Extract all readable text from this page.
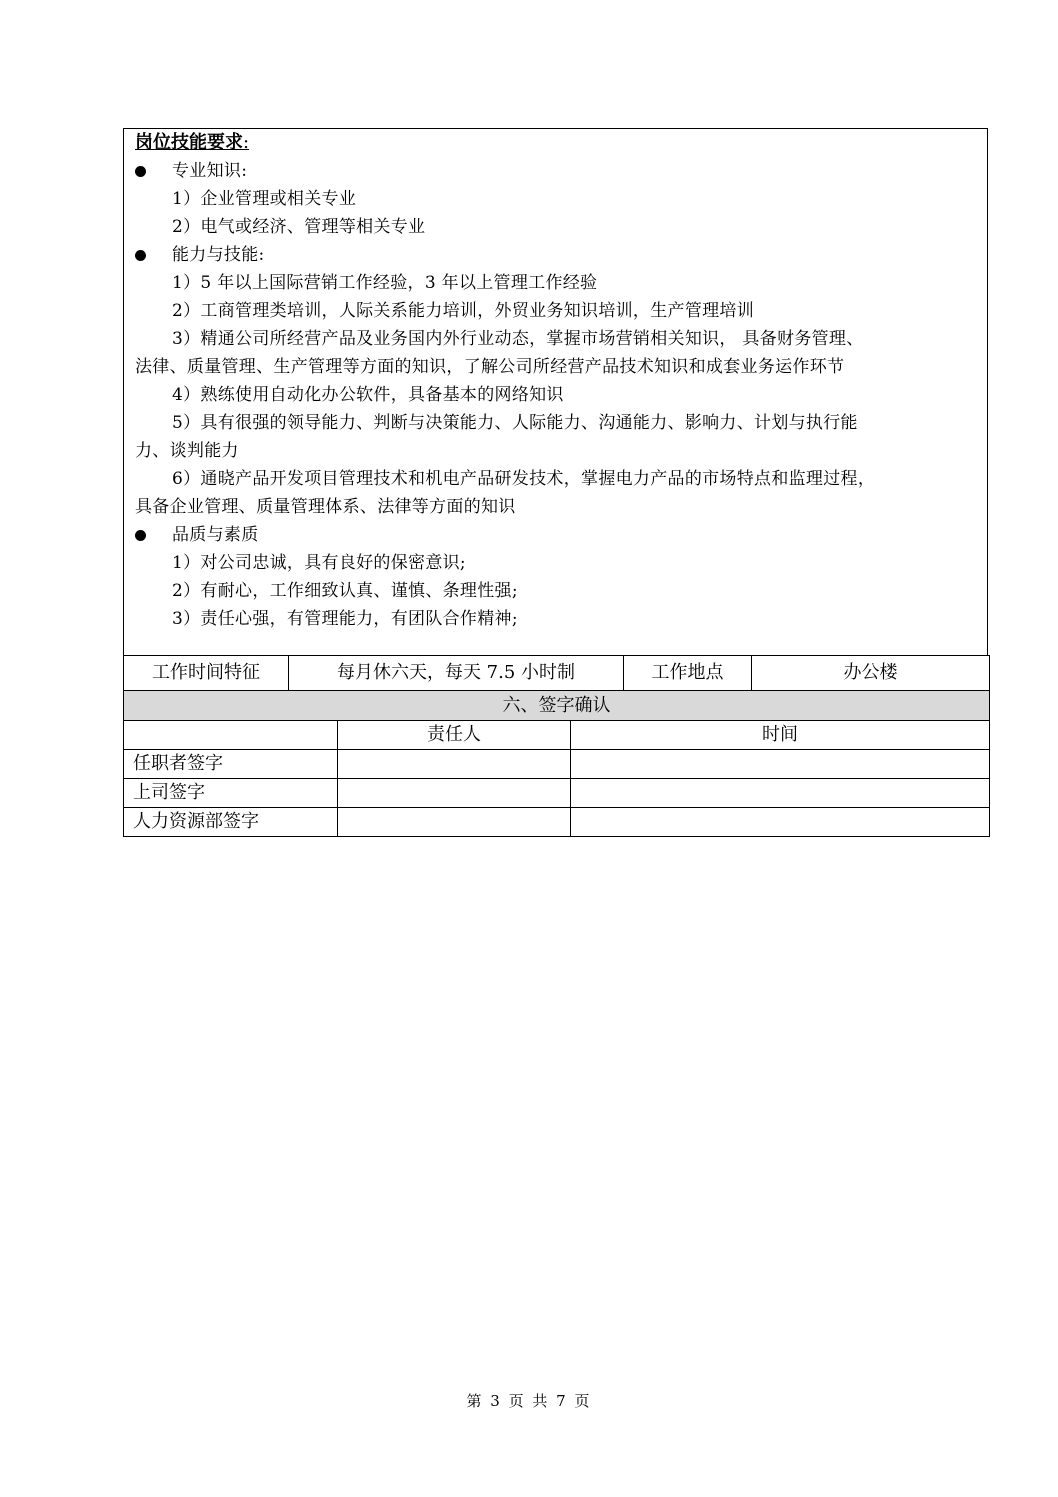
岗位技能要求:
专业知识:
1）企业管理或相关专业
2）电气或经济、管理等相关专业
能力与技能:
1）5 年以上国际营销工作经验，3 年以上管理工作经验
2）工商管理类培训，人际关系能力培训，外贸业务知识培训，生产管理培训
3）精通公司所经营产品及业务国内外行业动态，掌握市场营销相关知识， 具备财务管理、
法律、质量管理、生产管理等方面的知识，了解公司所经营产品技术知识和成套业务运作环节
4）熟练使用自动化办公软件，具备基本的网络知识
5）具有很强的领导能力、判断与决策能力、人际能力、沟通能力、影响力、计划与执行能
力、谈判能力
6）通晓产品开发项目管理技术和机电产品研发技术，掌握电力产品的市场特点和监理过程，
具备企业管理、质量管理体系、法律等方面的知识
品质与素质
1）对公司忠诚，具有良好的保密意识;
2）有耐心，工作细致认真、谨慎、条理性强;
3）责任心强，有管理能力，有团队合作精神;
工作时间特征	每月休六天，每天 7.5 小时制	工作地点	办公楼
六、签字确认		
	责任人	时间
任职者签字		
上司签字		
人力资源部签字		
第 3 页 共 7 页
